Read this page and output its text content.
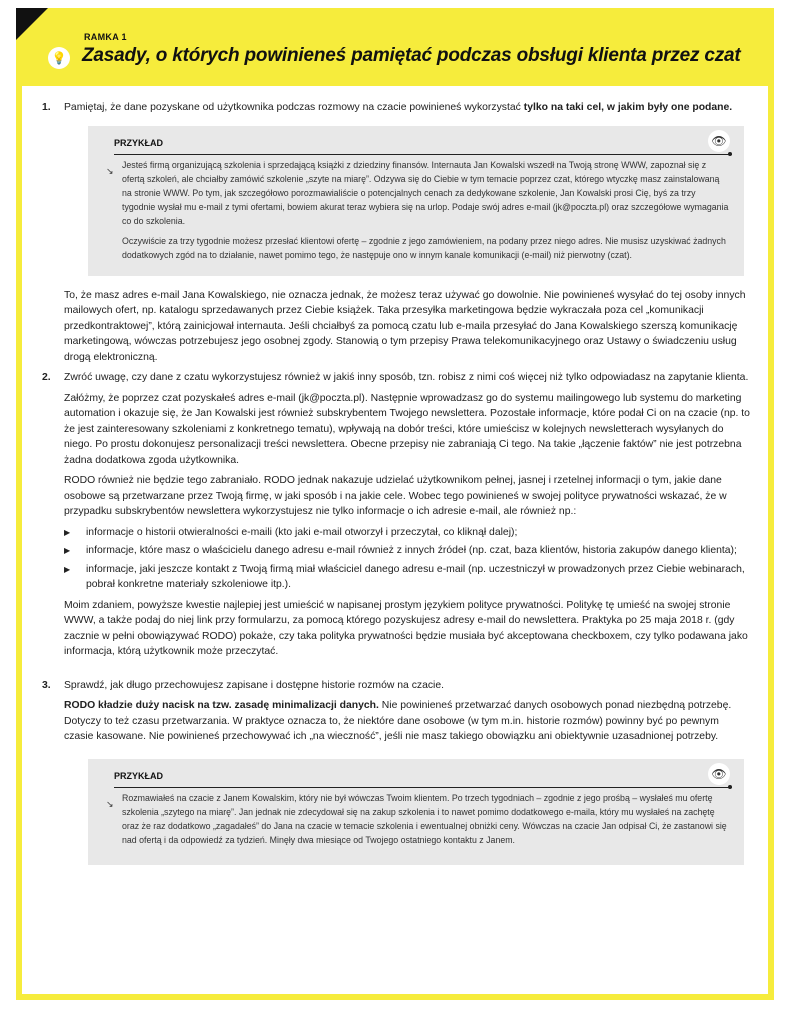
RAMKA 1
💡 Zasady, o których powinieneś pamiętać podczas obsługi klienta przez czat
1. Pamiętaj, że dane pozyskane od użytkownika podczas rozmowy na czacie powinieneś wykorzystać tylko na taki cel, w jakim były one podane.

PRZYKŁAD	👁
↘

Jesteś firmą organizującą szkolenia i sprzedającą książki z dziedziny finansów. Internauta Jan Kowalski wszedł na Twoją stronę WWW, zapoznał się z ofertą szkoleń, ale chciałby zamówić szkolenie „szyte na miarę”. Odzywa się do Ciebie w tym temacie poprzez czat, którego wtyczkę masz zainstalowaną na stronie WWW. Po tym, jak szczegółowo porozmawialiście o potencjalnych cenach za dedykowane szkolenie, Jan Kowalski prosi Cię, byś za trzy tygodnie wysłał mu e-mail z tymi ofertami, bowiem akurat teraz wybiera się na urlop. Podaje swój adres e-mail (jk@poczta.pl) oraz szczegółowe wymagania co do szkolenia.

Oczywiście za trzy tygodnie możesz przesłać klientowi ofertę – zgodnie z jego zamówieniem, na podany przez niego adres. Nie musisz uzyskiwać żadnych dodatkowych zgód na to działanie, nawet pomimo tego, że następuje ono w innym kanale komunikacji (e-mail) niż pierwotny (czat).

To, że masz adres e-mail Jana Kowalskiego, nie oznacza jednak, że możesz teraz używać go dowolnie. Nie powinieneś wysyłać do tej osoby innych mailowych ofert, np. katalogu sprzedawanych przez Ciebie książek. Taka przesyłka marketingowa będzie wykraczała poza cel „komunikacji przedkontraktowej”, którą zainicjował internauta. Jeśli chciałbyś za pomocą czatu lub e-maila przesyłać do Jana Kowalskiego szerszą komunikację marketingową, wówczas potrzebujesz jego osobnej zgody. Stanowią o tym przepisy Prawa telekomunikacyjnego oraz Ustawy o świadczeniu usług drogą elektroniczną.

2. Zwróć uwagę, czy dane z czatu wykorzystujesz również w jakiś inny sposób, tzn. robisz z nimi coś więcej niż tylko odpowiadasz na zapytanie klienta.

Załóżmy, że poprzez czat pozyskałeś adres e-mail (jk@poczta.pl). Następnie wprowadzasz go do systemu mailingowego lub systemu do marketing automation i okazuje się, że Jan Kowalski jest również subskrybentem Twojego newslettera. Pozostałe informacje, które podał Ci on na czacie (np. to że jest zainteresowany szkoleniami z konkretnego tematu), wpływają na dobór treści, które umieścisz w kolejnych newsletterach wysyłanych do niego. Po prostu dokonujesz personalizacji treści newslettera. Obecne przepisy nie zabraniają Ci tego. Na takie „łączenie faktów” nie jest potrzebna żadna dodatkowa zgoda użytkownika.

RODO również nie będzie tego zabraniało. RODO jednak nakazuje udzielać użytkownikom pełnej, jasnej i rzetelnej informacji o tym, jakie dane osobowe są przetwarzane przez Twoją firmę, w jaki sposób i na jakie cele. Wobec tego powinieneś w swojej polityce prywatności wskazać, że w przypadku subskrybentów newslettera wykorzystujesz nie tylko informacje o ich adresie e-mail, ale również np.:

▶ informacje o historii otwieralności e-maili (kto jaki e-mail otworzył i przeczytał, co kliknął dalej);
▶ informacje, które masz o właścicielu danego adresu e-mail również z innych źródeł (np. czat, baza klientów, historia zakupów danego klienta);
▶ informacje, jaki jeszcze kontakt z Twoją firmą miał właściciel danego adresu e-mail (np. uczestniczył w prowadzonych przez Ciebie webinarach, pobrał konkretne materiały szkoleniowe itp.).

Moim zdaniem, powyższe kwestie najlepiej jest umieścić w napisanej prostym językiem polityce prywatności. Politykę tę umieść na swojej stronie WWW, a także podaj do niej link przy formularzu, za pomocą którego pozyskujesz adresy e-mail do newslettera. Praktyka po 25 maja 2018 r. (gdy zacznie w pełni obowiązywać RODO) pokaże, czy taka polityka prywatności będzie musiała być akceptowana checkboxem, czy tylko podawana jako informacja, którą użytkownik może przeczytać.

3. Sprawdź, jak długo przechowujesz zapisane i dostępne historie rozmów na czacie.

RODO kładzie duży nacisk na tzw. zasadę minimalizacji danych. Nie powinieneś przetwarzać danych osobowych ponad niezbędną potrzebę. Dotyczy to też czasu przetwarzania. W praktyce oznacza to, że niektóre dane osobowe (w tym m.in. historie rozmów) powinny być po pewnym czasie kasowane. Nie powinieneś przechowywać ich „na wieczność”, jeśli nie masz takiego obowiązku ani obiektywnie uzasadnionej potrzeby.

PRZYKŁAD	👁
↘

Rozmawiałeś na czacie z Janem Kowalskim, który nie był wówczas Twoim klientem. Po trzech tygodniach – zgodnie z jego prośbą – wysłałeś mu ofertę szkolenia „szytego na miarę”. Jan jednak nie zdecydował się na zakup szkolenia i to nawet pomimo dodatkowego e-maila, który mu wysłałeś na zachętę oraz że raz dodatkowo „zagadałeś” do Jana na czacie w temacie szkolenia i ewentualnej obniżki ceny. Wówczas na czacie Jan odpisał Ci, że zastanowi się nad ofertą i da odpowiedź za tydzień. Minęły dwa miesiące od Twojego ostatniego kontaktu z Janem.
